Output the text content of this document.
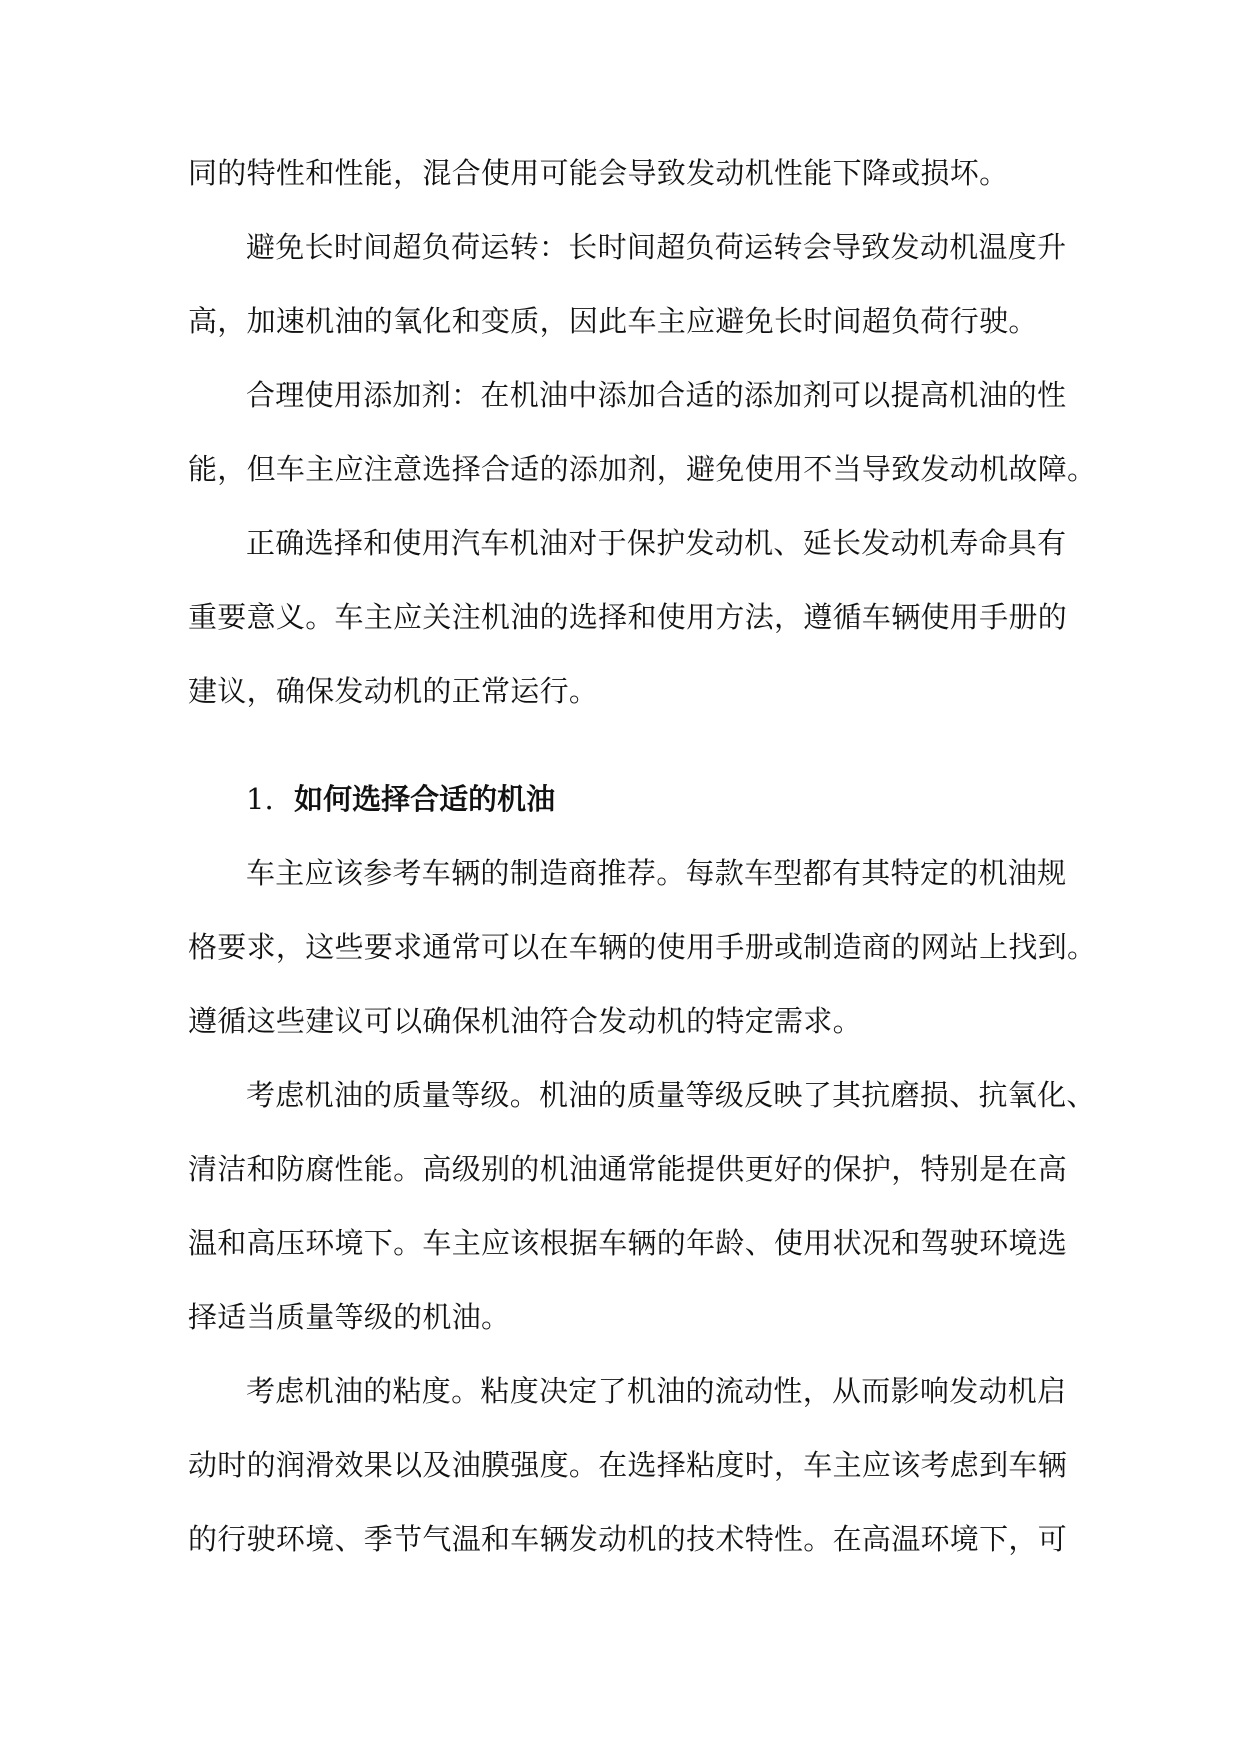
同的特性和性能，混合使用可能会导致发动机性能下降或损坏。
避免长时间超负荷运转：长时间超负荷运转会导致发动机温度升
高，加速机油的氧化和变质，因此车主应避免长时间超负荷行驶。
合理使用添加剂：在机油中添加合适的添加剂可以提高机油的性
能，但车主应注意选择合适的添加剂，避免使用不当导致发动机故障。
正确选择和使用汽车机油对于保护发动机、延长发动机寿命具有
重要意义。车主应关注机油的选择和使用方法，遵循车辆使用手册的
建议，确保发动机的正常运行。
1. 如何选择合适的机油
车主应该参考车辆的制造商推荐。每款车型都有其特定的机油规
格要求，这些要求通常可以在车辆的使用手册或制造商的网站上找到。
遵循这些建议可以确保机油符合发动机的特定需求。
考虑机油的质量等级。机油的质量等级反映了其抗磨损、抗氧化、
清洁和防腐性能。高级别的机油通常能提供更好的保护，特别是在高
温和高压环境下。车主应该根据车辆的年龄、使用状况和驾驶环境选
择适当质量等级的机油。
考虑机油的粘度。粘度决定了机油的流动性，从而影响发动机启
动时的润滑效果以及油膜强度。在选择粘度时，车主应该考虑到车辆
的行驶环境、季节气温和车辆发动机的技术特性。在高温环境下，可
